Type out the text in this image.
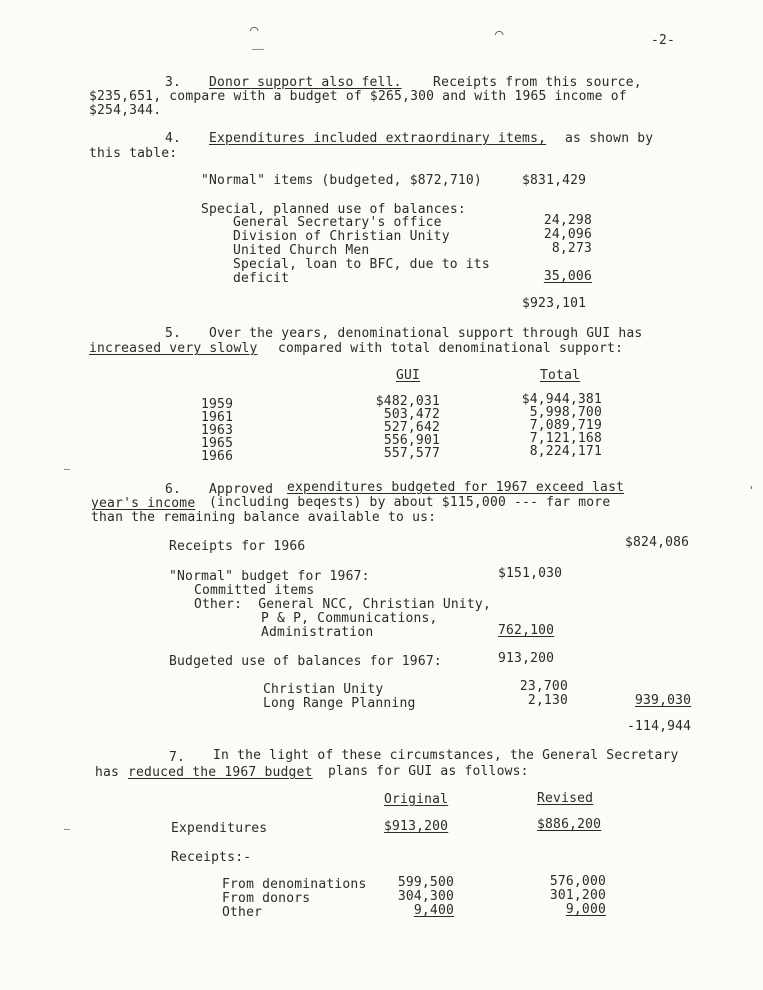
⌒	⌒
––
-2-
3. Donor support also fell. Receipts from this source,
$235,651, compare with a budget of $265,300 and with 1965 income of
$254,344.
4. Expenditures included extraordinary items, as shown by
this table:
"Normal" items (budgeted, $872,710)	$831,429
Special, planned use of balances:
General Secretary's office	24,298
Division of Christian Unity	24,096
United Church Men	8,273
Special, loan to BFC, due to its
deficit	35,006
$923,101
5. Over the years, denominational support through GUI has
increased very slowly compared with total denominational support:
GUI	Total
1959	$482,031	$4,944,381
1961	503,472	5,998,700
1963	527,642	7,089,719
1965	556,901	7,121,168
1966	557,577	8,224,171
6. Approved expenditures budgeted for 1967 exceed last
year's income (including beqests) by about $115,000 --- far more
than the remaining balance available to us:
Receipts for 1966	$824,086
"Normal" budget for 1967:	$151,030
Committed items
Other:  General NCC, Christian Unity,
P & P, Communications,
Administration	762,100
Budgeted use of balances for 1967:	913,200
Christian Unity	23,700
Long Range Planning	2,130	939,030
-114,944
7. In the light of these circumstances, the General Secretary
has reduced the 1967 budget plans for GUI as follows:
Original	Revised
Expenditures	$913,200	$886,200
Receipts:-
From denominations	599,500	576,000
From donors	304,300	301,200
Other	9,400	9,000
—
—
'
